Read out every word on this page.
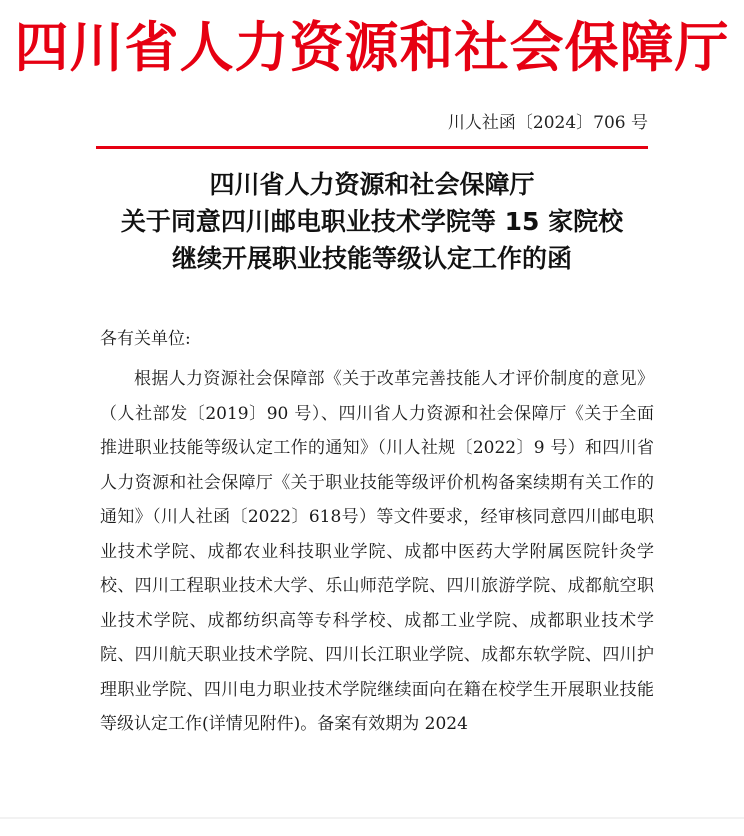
四川省人力资源和社会保障厅
川人社函〔2024〕706 号
四川省人力资源和社会保障厅
关于同意四川邮电职业技术学院等 15 家院校
继续开展职业技能等级认定工作的函
各有关单位:
根据人力资源社会保障部《关于改革完善技能人才评价制度的意见》（人社部发〔2019〕90 号）、四川省人力资源和社会保障厅《关于全面推进职业技能等级认定工作的通知》（川人社规〔2022〕9 号）和四川省人力资源和社会保障厅《关于职业技能等级评价机构备案续期有关工作的通知》（川人社函〔2022〕618号）等文件要求，经审核同意四川邮电职业技术学院、成都农业科技职业学院、成都中医药大学附属医院针灸学校、四川工程职业技术大学、乐山师范学院、四川旅游学院、成都航空职业技术学院、成都纺织高等专科学校、成都工业学院、成都职业技术学院、四川航天职业技术学院、四川长江职业学院、成都东软学院、四川护理职业学院、四川电力职业技术学院继续面向在籍在校学生开展职业技能等级认定工作(详情见附件)。备案有效期为 2024
